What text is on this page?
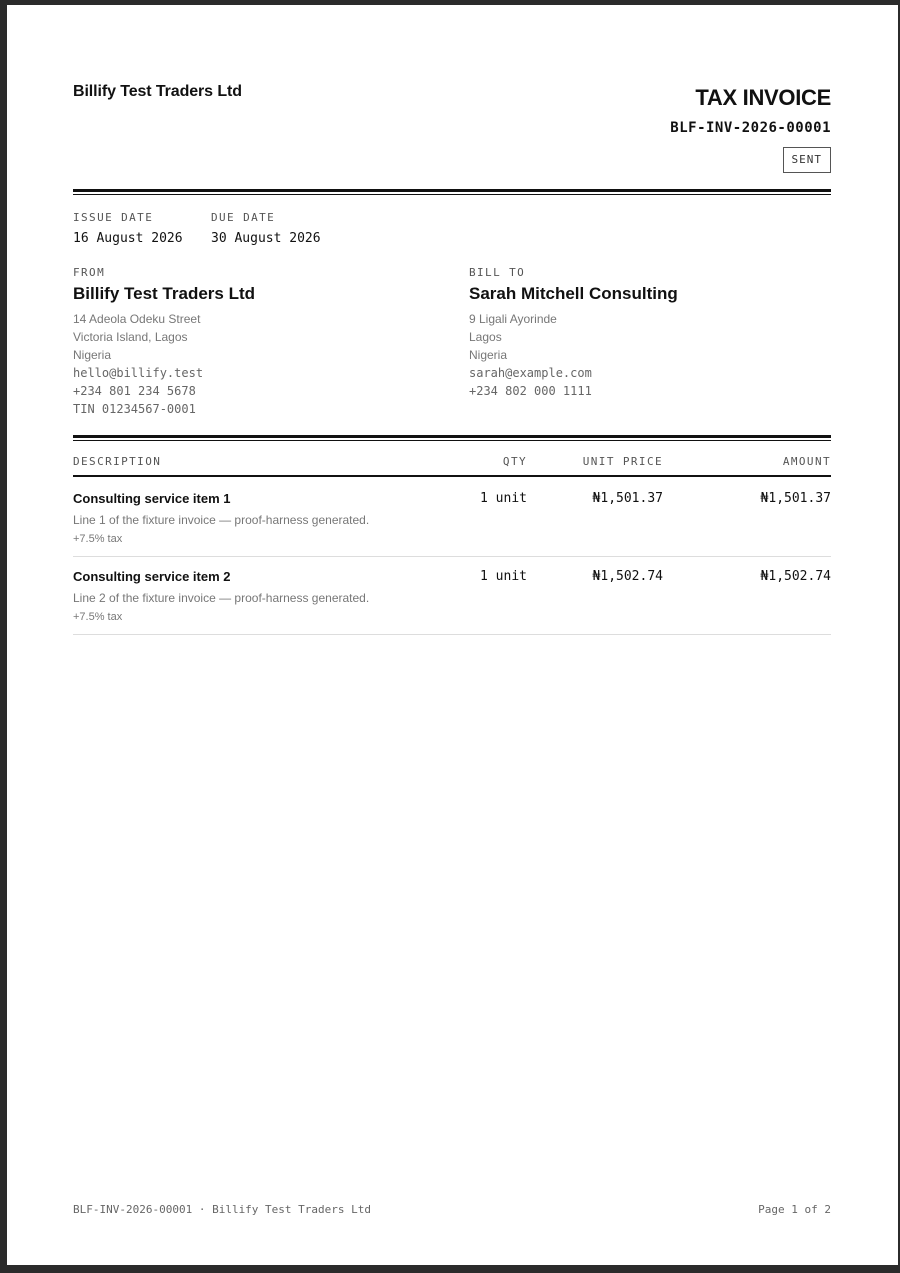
Billify Test Traders Ltd	TAX INVOICE
BLF-INV-2026-00001
SENT
ISSUE DATE
16 August 2026
DUE DATE
30 August 2026
FROM
Billify Test Traders Ltd
14 Adeola Odeku Street
Victoria Island, Lagos
Nigeria
hello@billify.test
+234 801 234 5678
TIN 01234567-0001
BILL TO
Sarah Mitchell Consulting
9 Ligali Ayorinde
Lagos
Nigeria
sarah@example.com
+234 802 000 1111
DESCRIPTION	QTY	UNIT PRICE	AMOUNT
Consulting service item 1
Line 1 of the fixture invoice — proof-harness generated.
+7.5% tax
1 unit	₦1,501.37	₦1,501.37
Consulting service item 2
Line 2 of the fixture invoice — proof-harness generated.
+7.5% tax
1 unit	₦1,502.74	₦1,502.74
BLF-INV-2026-00001 · Billify Test Traders Ltd	Page 1 of 2
